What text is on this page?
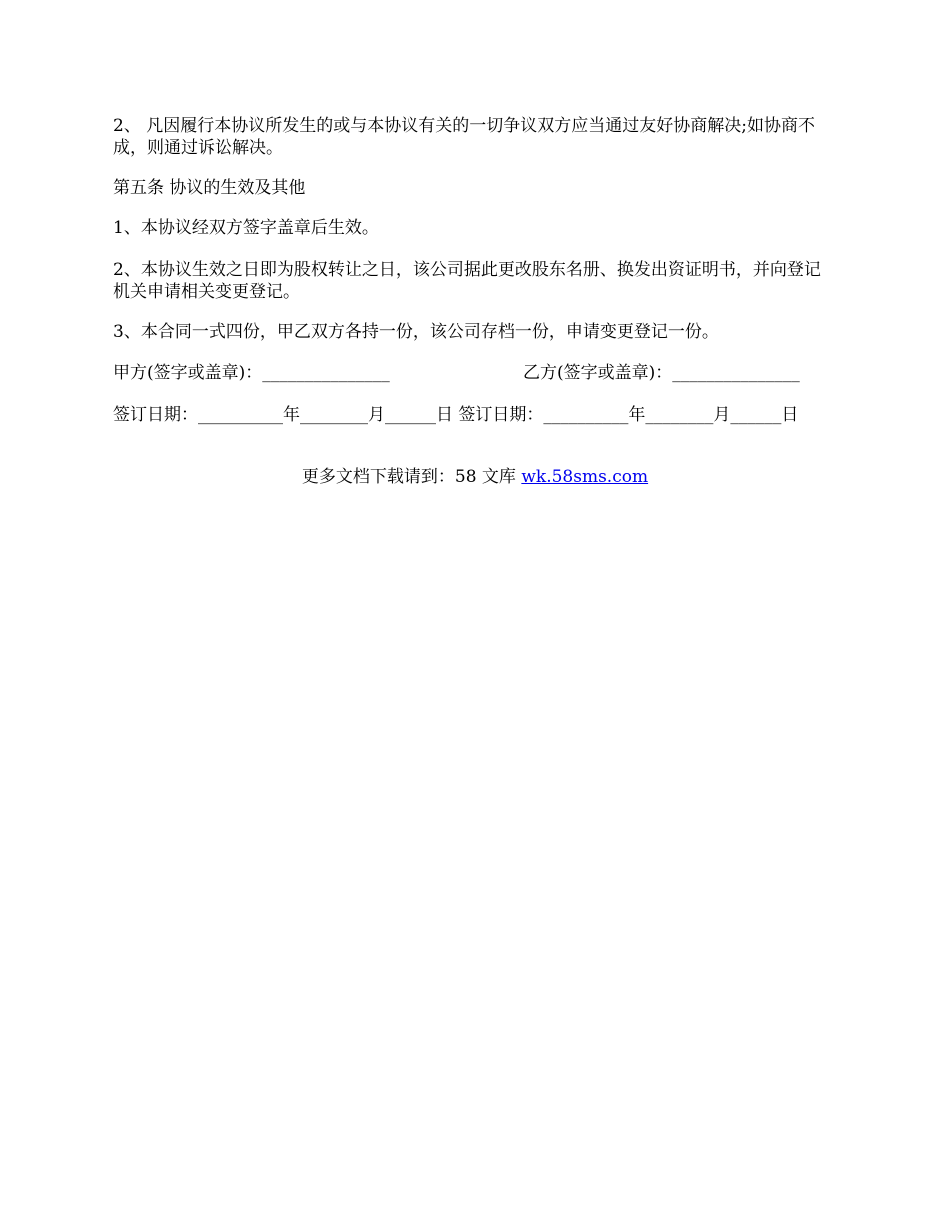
2、 凡因履行本协议所发生的或与本协议有关的一切争议双方应当通过友好协商解决;如协商不成，则通过诉讼解决。

第五条 协议的生效及其他

1、本协议经双方签字盖章后生效。

2、本协议生效之日即为股权转让之日，该公司据此更改股东名册、换发出资证明书，并向登记机关申请相关变更登记。

3、本合同一式四份，甲乙双方各持一份，该公司存档一份，申请变更登记一份。

甲方(签字或盖章)：_______________	乙方(签字或盖章)：_______________

签订日期：__________年________月______日 签订日期：__________年________月______日

更多文档下载请到：58 文库 wk.58sms.com
